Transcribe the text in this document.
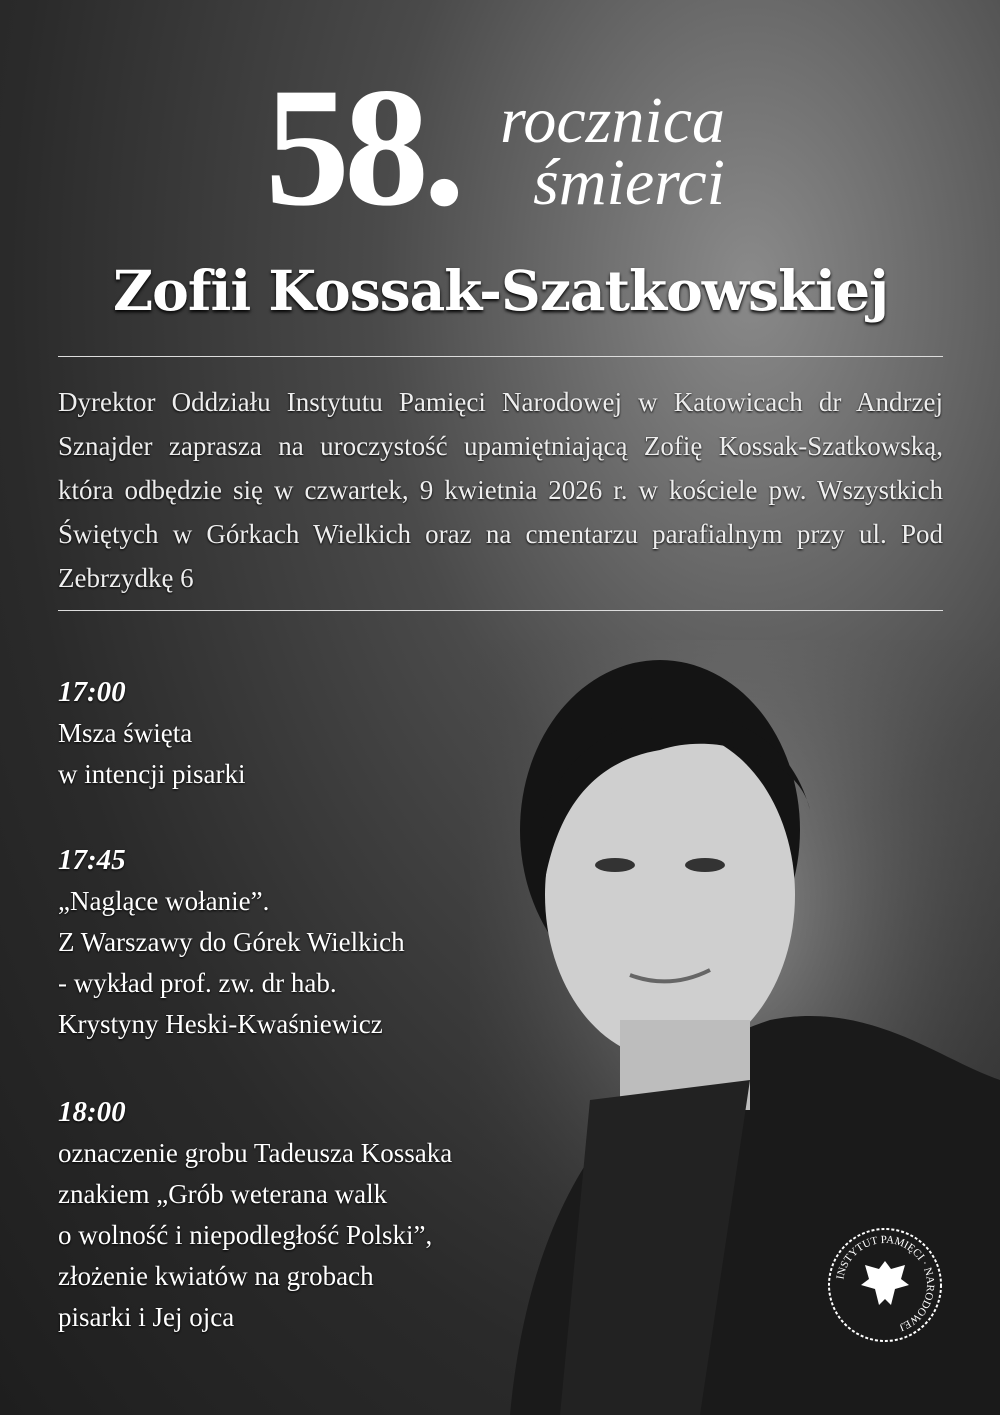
58. rocznica
śmierci
Zofii Kossak-Szatkowskiej
Dyrektor Oddziału Instytutu Pamięci Narodowej w Katowicach dr Andrzej Sznajder zaprasza na uroczystość upamiętniającą Zofię Kossak-Szatkowską, która odbędzie się w czwartek, 9 kwietnia 2026 r. w kościele pw. Wszystkich Świętych w Górkach Wielkich oraz na cmentarzu parafialnym przy ul. Pod Zebrzydkę 6
17:00
Msza święta
w intencji pisarki
17:45
„Naglące wołanie”.
Z Warszawy do Górek Wielkich
- wykład prof. zw. dr hab.
Krystyny Heski-Kwaśniewicz
18:00
oznaczenie grobu Tadeusza Kossaka
znakiem „Grób weterana walk
o wolność i niepodległość Polski”,
złożenie kwiatów na grobach
pisarki i Jej ojca
INSTYTUT PAMIĘCI · NARODOWEJ
